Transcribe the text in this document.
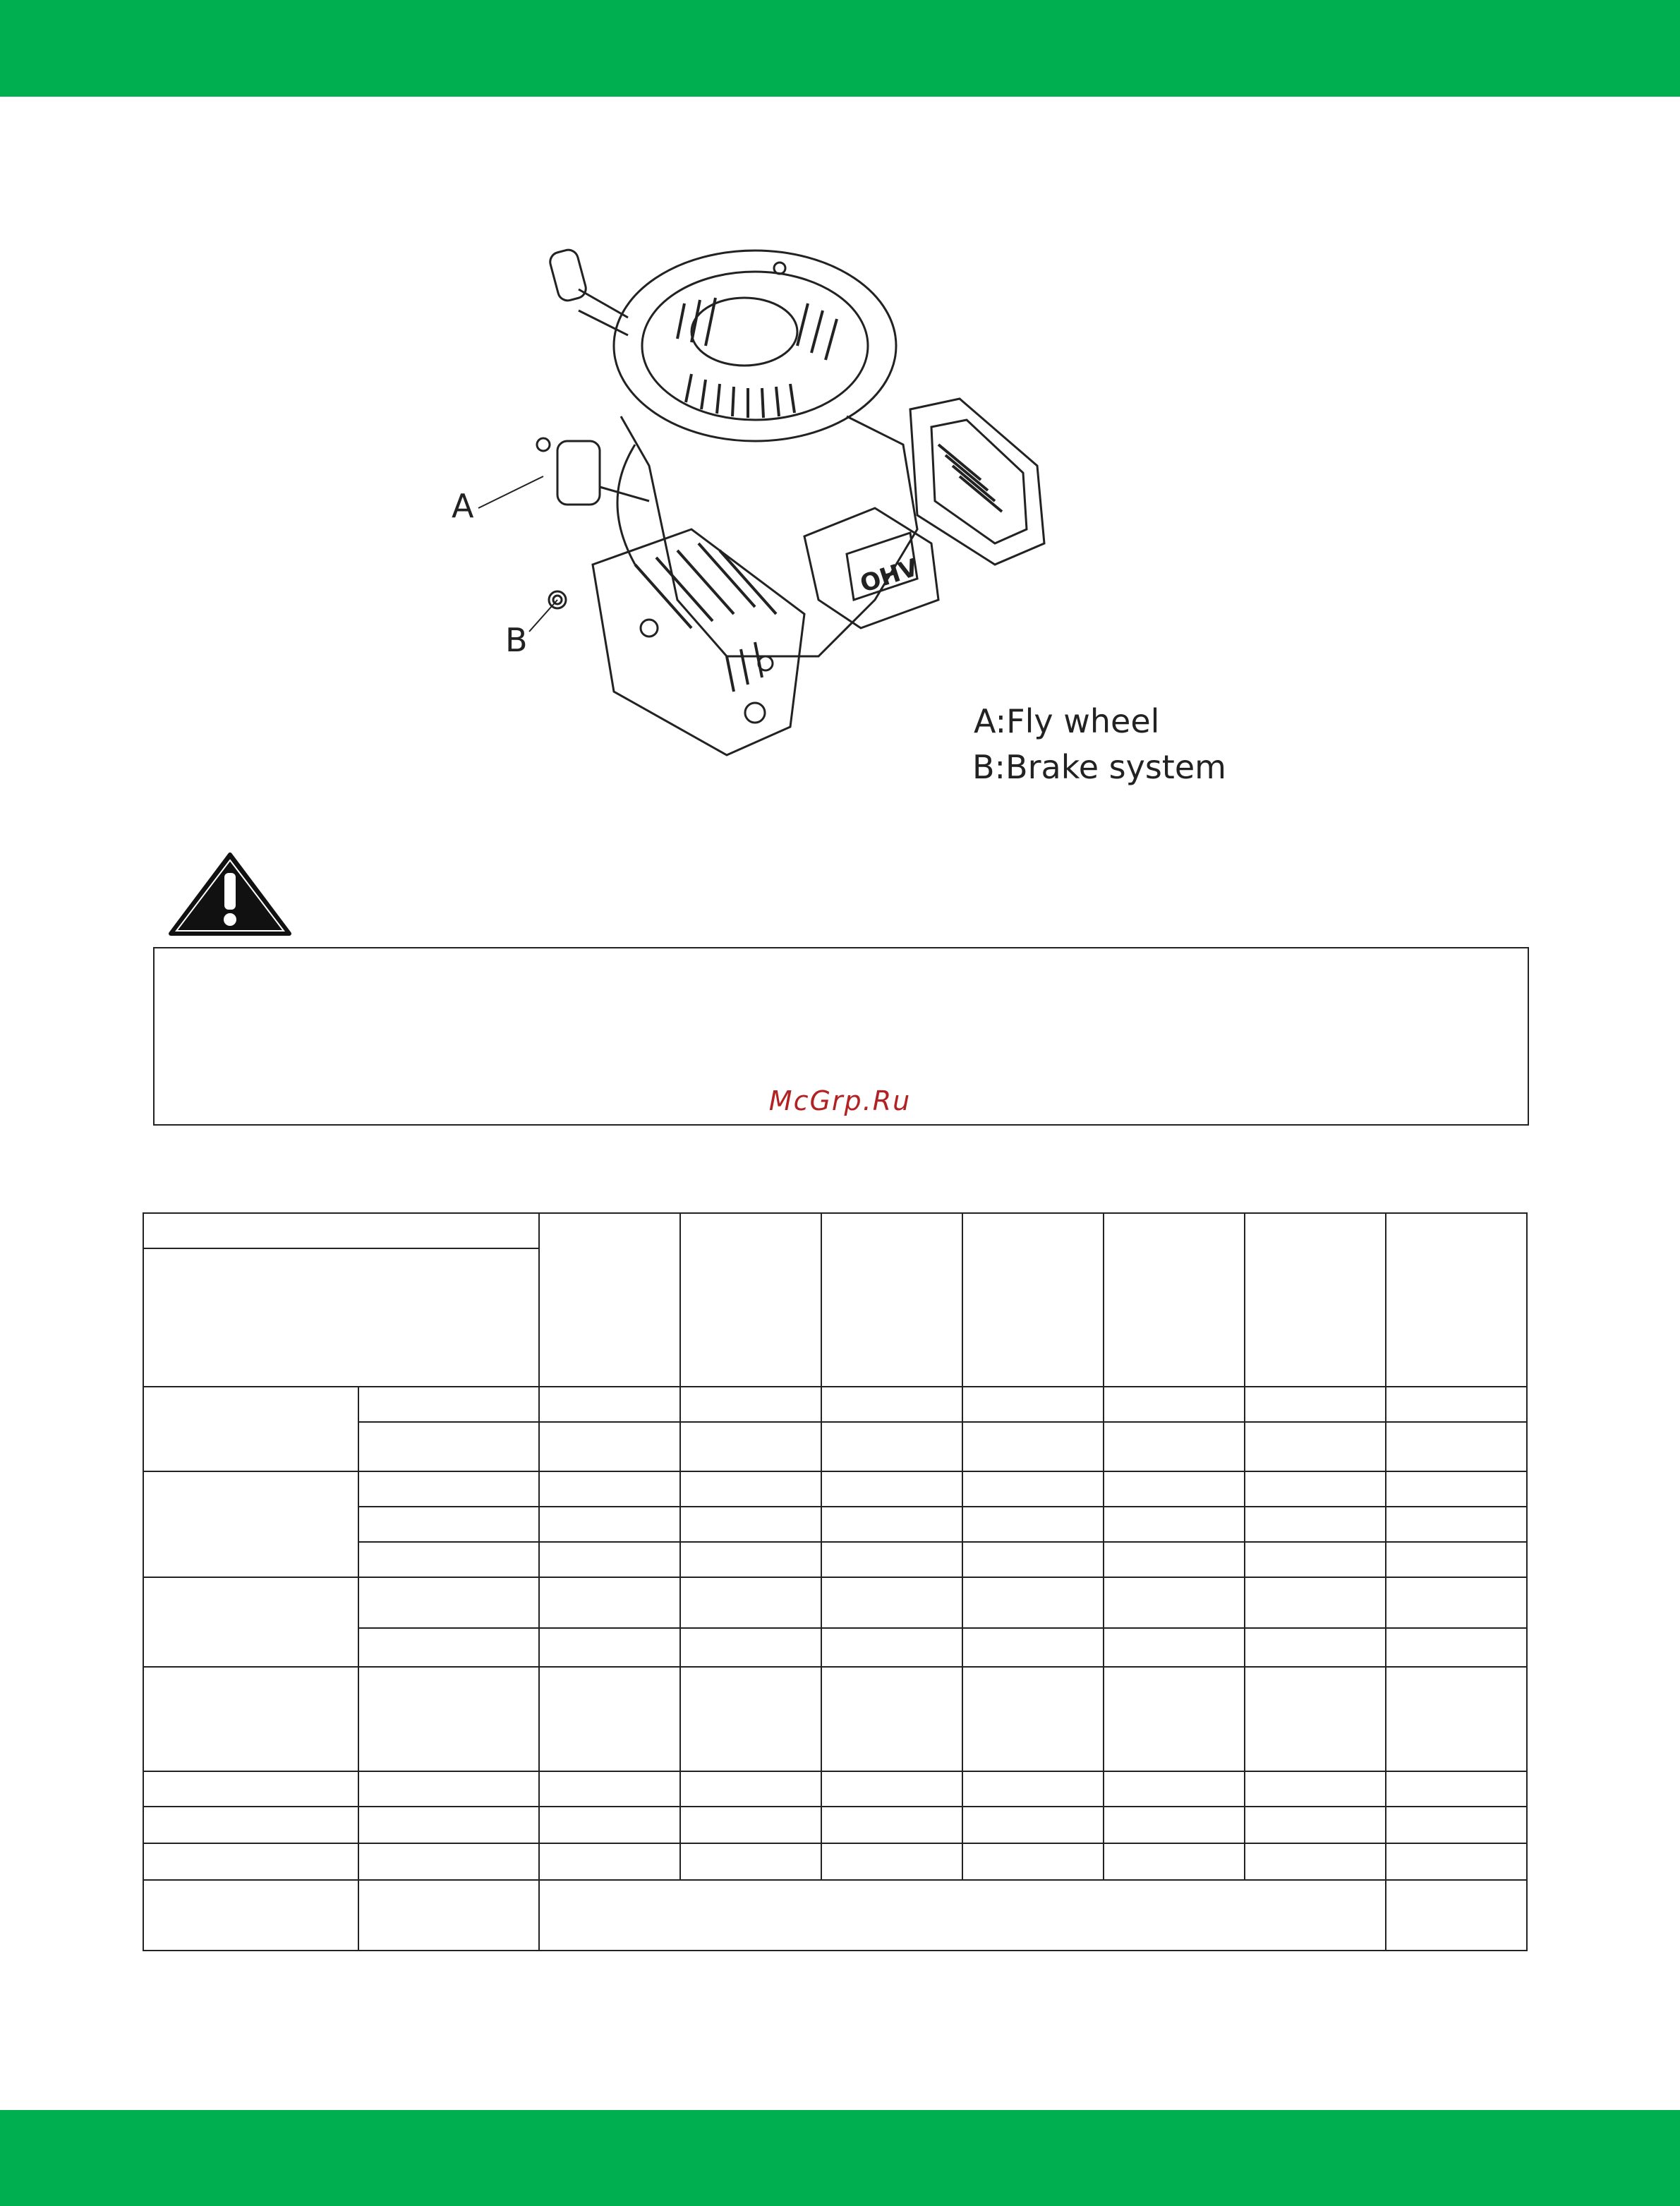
OHV
A
B
A:Fly wheel
B:Brake system
McGrp.Ru
